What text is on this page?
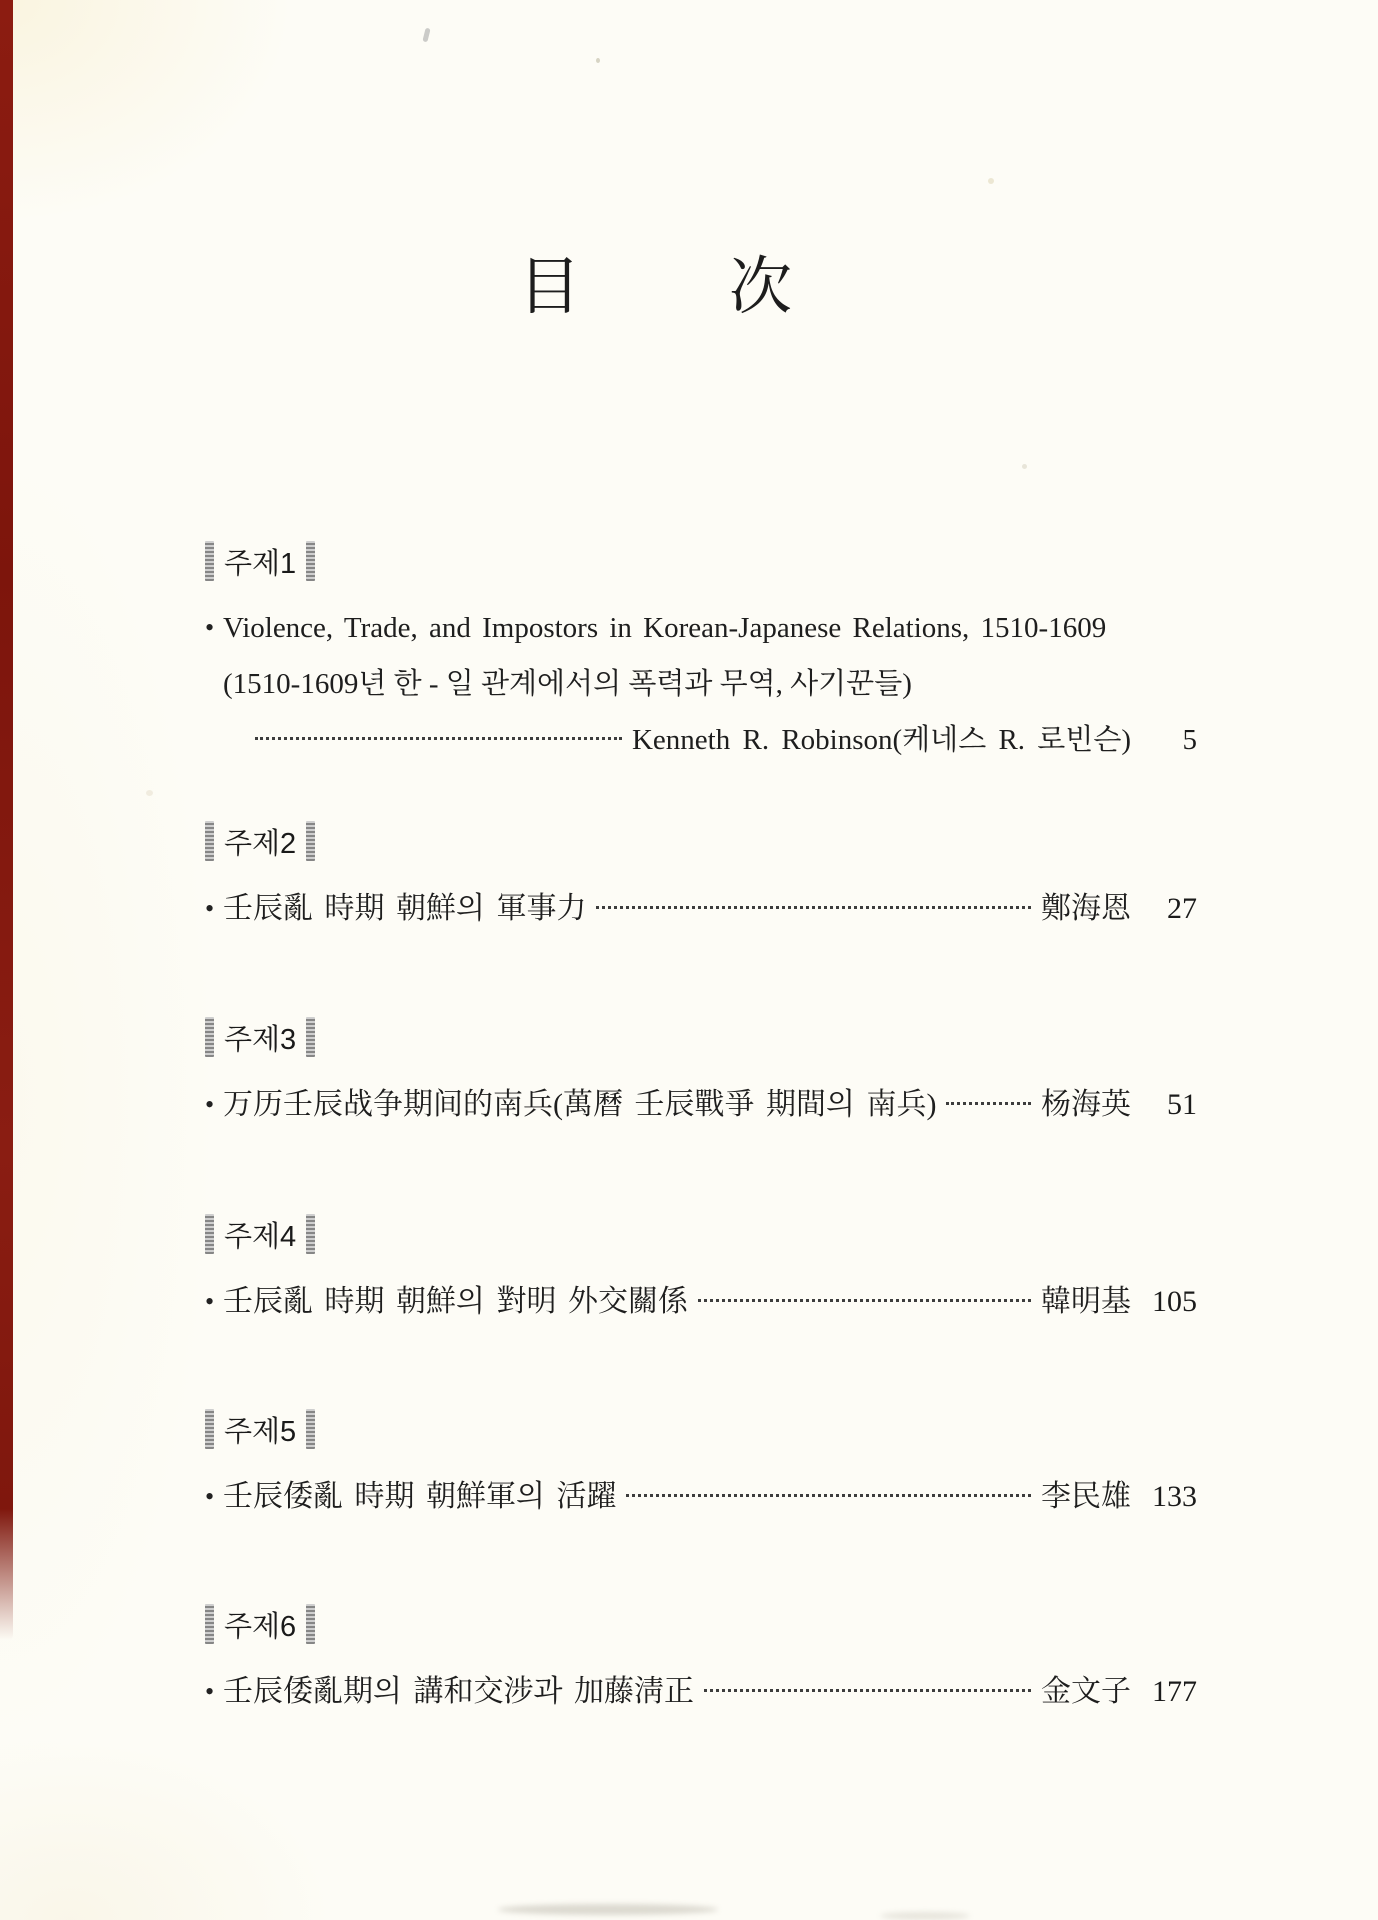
目次
주제1
• Violence, Trade, and Impostors in Korean-Japanese Relations, 1510-1609
(1510-1609년 한 - 일 관계에서의 폭력과 무역, 사기꾼들)
Kenneth R. Robinson(케네스 R. 로빈슨)	5
주제2
• 壬辰亂 時期 朝鮮의 軍事力	鄭海恩	27
주제3
• 万历壬辰战争期间的南兵(萬曆 壬辰戰爭 期間의 南兵)	杨海英	51
주제4
• 壬辰亂 時期 朝鮮의 對明 外交關係	韓明基 105
주제5
• 壬辰倭亂 時期 朝鮮軍의 活躍	李民雄 133
주제6
• 壬辰倭亂期의 講和交涉과 加藤淸正	金文子 177
